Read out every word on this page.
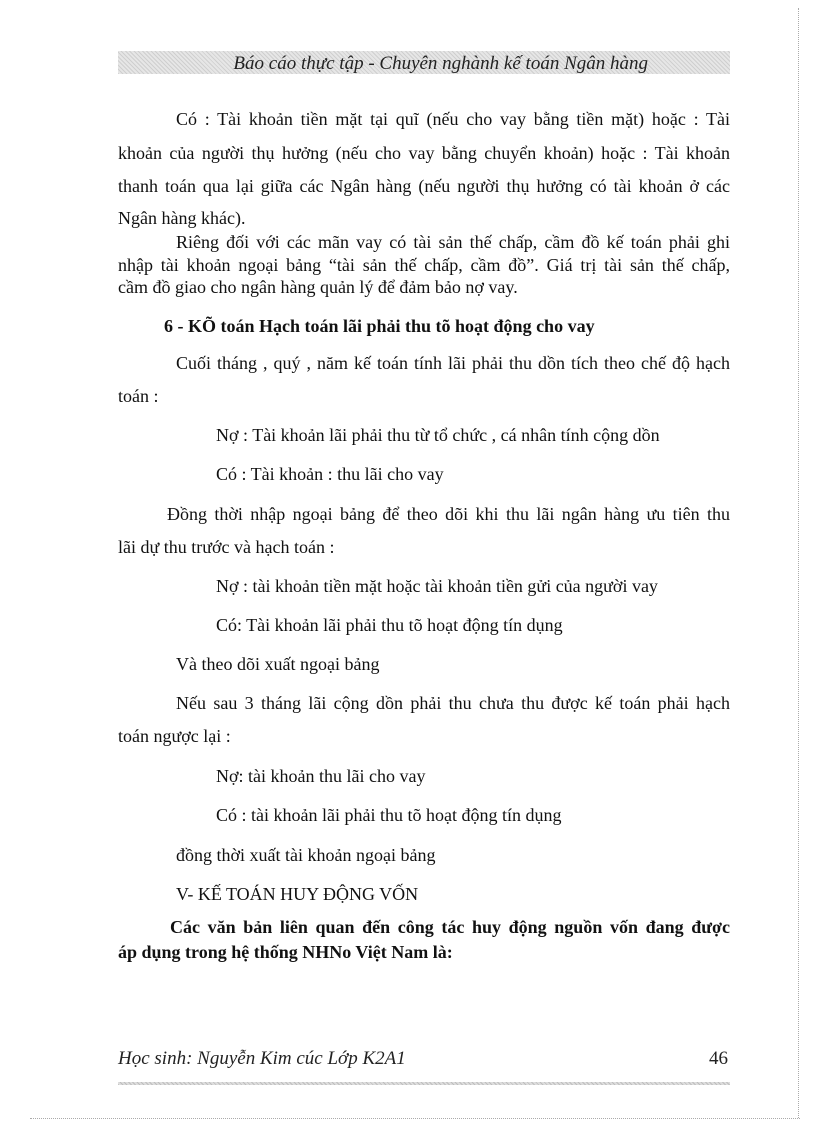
Báo cáo thực tập - Chuyên nghành kế toán Ngân hàng
Có : Tài khoản tiền mặt tại quĩ (nếu cho vay bằng tiền mặt) hoặc : Tài
khoản của người thụ hưởng (nếu cho vay bằng chuyển khoản) hoặc : Tài khoản
thanh toán qua lại giữa các Ngân hàng (nếu người thụ hưởng có tài khoản ở các
Ngân hàng khác).
Riêng đối với các mãn vay có tài sản thế chấp, cầm đồ kế toán phải ghi
nhập tài khoản ngoại bảng “tài sản thế chấp, cầm đồ”. Giá trị tài sản thế chấp,
cầm đồ giao cho ngân hàng quản lý để đảm bảo nợ vay.
6 - KÕ toán Hạch toán lãi phải thu tõ hoạt động cho vay
Cuối tháng , quý , năm kế toán tính lãi phải thu dồn tích theo chế độ hạch
toán :
Nợ : Tài khoản lãi phải thu từ tổ chức , cá nhân tính cộng dồn
Có : Tài khoản : thu lãi cho vay
Đồng thời nhập ngoại bảng để theo dõi khi thu lãi ngân hàng ưu tiên thu
lãi dự thu trước và hạch toán :
Nợ : tài khoản tiền mặt hoặc tài khoản tiền gửi của người vay
Có: Tài khoản lãi phải thu tõ hoạt động tín dụng
Và theo dõi xuất ngoại bảng
Nếu sau 3 tháng lãi cộng dồn phải thu chưa thu được kế toán phải hạch
toán ngược lại :
Nợ: tài khoản thu lãi cho vay
Có : tài khoản lãi phải thu tõ hoạt động tín dụng
đồng thời xuất tài khoản ngoại bảng
V- KẾ TOÁN HUY ĐỘNG VỐN
Các văn bản liên quan đến công tác huy động nguồn vốn đang được
áp dụng trong hệ thống NHNo Việt Nam là:
Học sinh: Nguyễn Kim cúc Lớp K2A1	46
